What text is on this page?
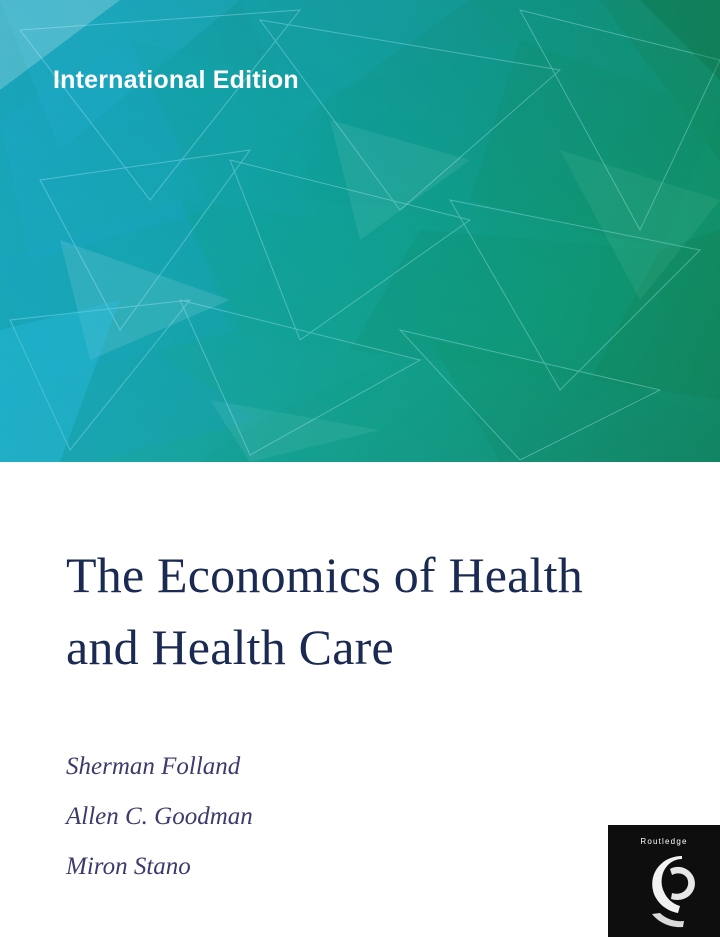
International Edition
The Economics of Health
and Health Care
Sherman Folland
Allen C. Goodman
Miron Stano
Routledge
